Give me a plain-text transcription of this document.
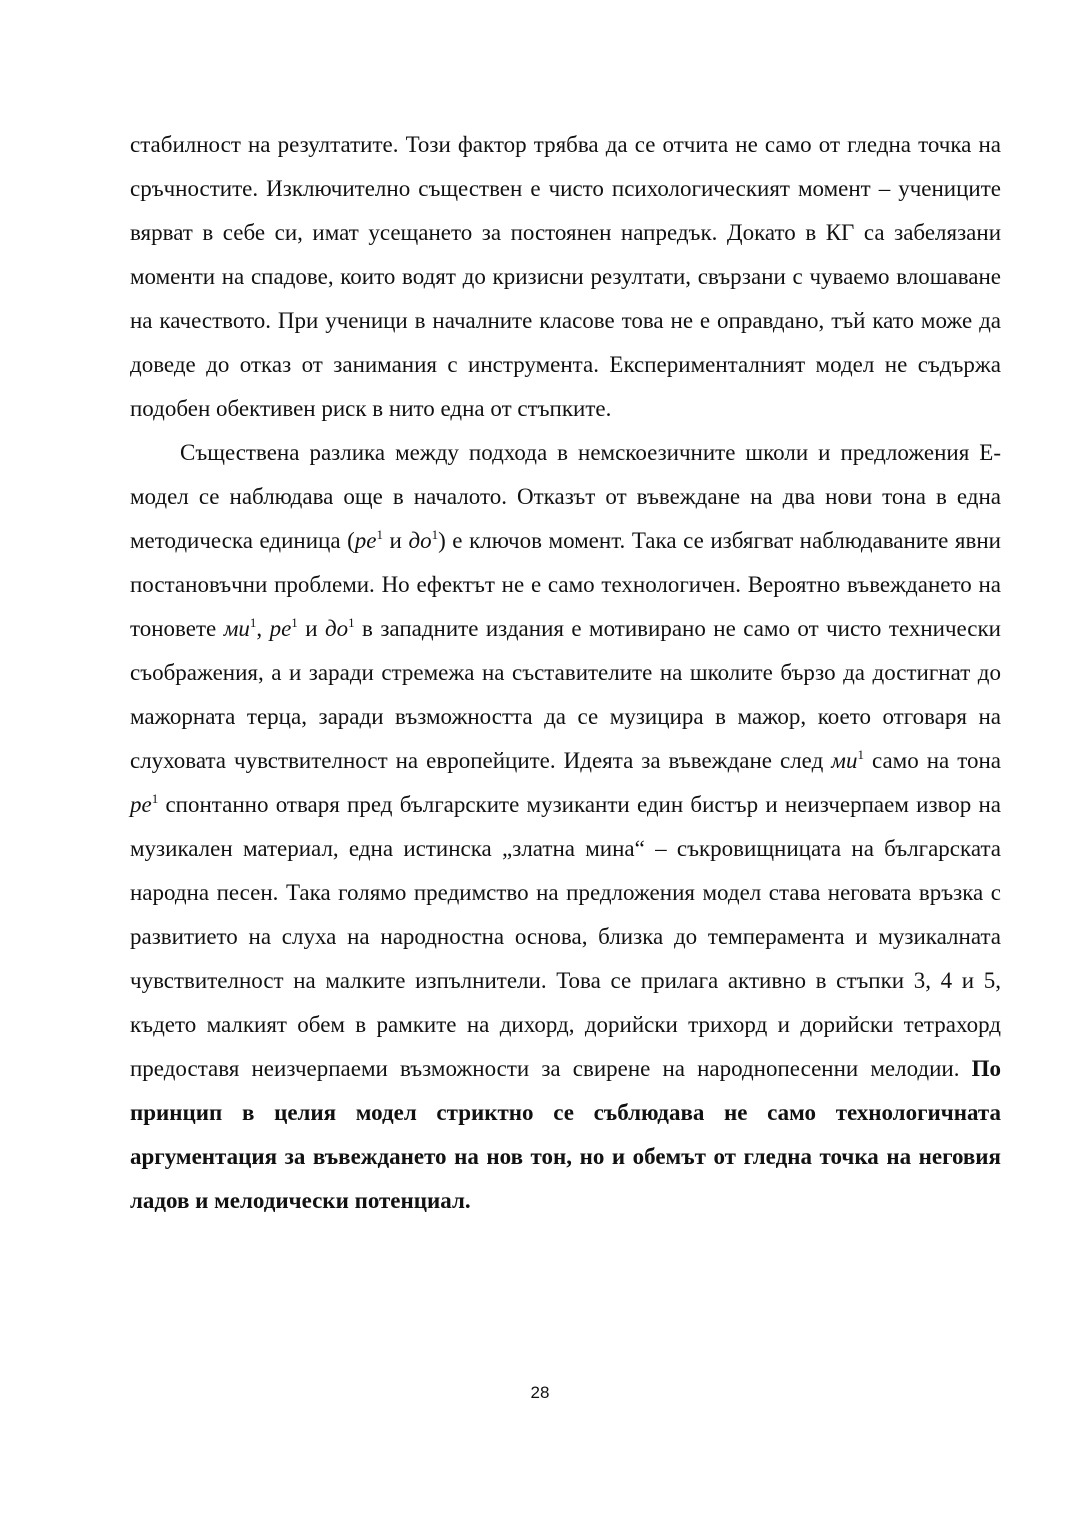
стабилност на резултатите. Този фактор трябва да се отчита не само от гледна точка на сръчностите. Изключително съществен е чисто психологическият момент – учениците вярват в себе си, имат усещането за постоянен напредък. Докато в КГ са забелязани моменти на спадове, които водят до кризисни резултати, свързани с чуваемо влошаване на качеството. При ученици в началните класове това не е оправдано, тъй като може да доведе до отказ от занимания с инструмента. Експерименталният модел не съдържа подобен обективен риск в нито една от стъпките.

Съществена разлика между подхода в немскоезичните школи и предложения Е-модел се наблюдава още в началото. Отказът от въвеждане на два нови тона в една методическа единица ($ре^1$ и $до^1$) е ключов момент. Така се избягват наблюдаваните явни постановъчни проблеми. Но ефектът не е само технологичен. Вероятно въвеждането на тоновете $ми^1$, $ре^1$ и $до^1$ в западните издания е мотивирано не само от чисто технически съображения, а и заради стремежа на съставителите на школите бързо да достигнат до мажорната терца, заради възможността да се музицира в мажор, което отговаря на слуховата чувствителност на европейците. Идеята за въвеждане след $ми^1$ само на тона $ре^1$ спонтанно отваря пред българските музиканти един бистър и неизчерпаем извор на музикален материал, една истинска „златна мина“ – съкровищницата на българската народна песен. Така голямо предимство на предложения модел става неговата връзка с развитието на слуха на народностна основа, близка до темперамента и музикалната чувствителност на малките изпълнители. Това се прилага активно в стъпки 3, 4 и 5, където малкият обем в рамките на дихорд, дорийски трихорд и дорийски тетрахорд предоставя неизчерпаеми възможности за свирене на народнопесенни мелодии. По принцип в целия модел стриктно се съблюдава не само технологичната аргументация за въвеждането на нов тон, но и обемът от гледна точка на неговия ладов и мелодически потенциал.

28
